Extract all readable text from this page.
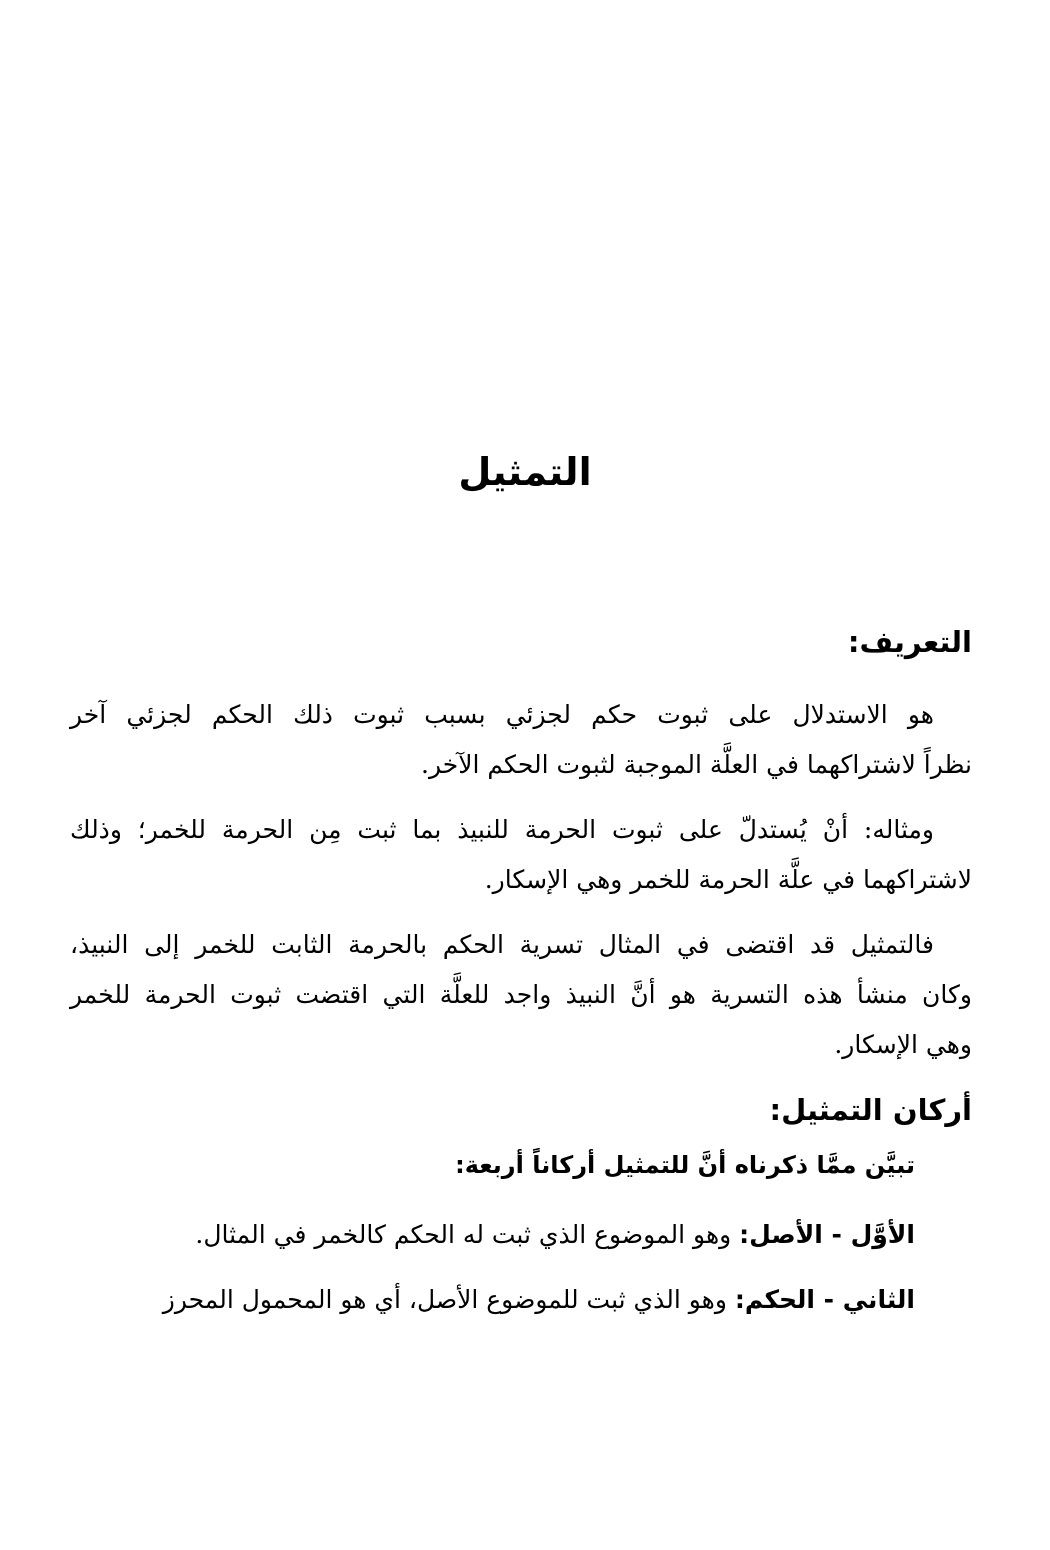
التمثيل
التعريف:
هو الاستدلال على ثبوت حكم لجزئي بسبب ثبوت ذلك الحكم لجزئي آخر
نظراً لاشتراكهما في العلَّة الموجبة لثبوت الحكم الآخر.
ومثاله: أنْ يُستدلّ على ثبوت الحرمة للنبيذ بما ثبت مِن الحرمة للخمر؛ وذلك
لاشتراكهما في علَّة الحرمة للخمر وهي الإسكار.
فالتمثيل قد اقتضى في المثال تسرية الحكم بالحرمة الثابت للخمر إلى النبيذ،
وكان منشأ هذه التسرية هو أنَّ النبيذ واجد للعلَّة التي اقتضت ثبوت الحرمة للخمر
وهي الإسكار.
أركان التمثيل:
تبيَّن ممَّا ذكرناه أنَّ للتمثيل أركاناً أربعة:
الأوَّل - الأصل: وهو الموضوع الذي ثبت له الحكم كالخمر في المثال.
الثاني - الحكم: وهو الذي ثبت للموضوع الأصل، أي هو المحمول المحرز
